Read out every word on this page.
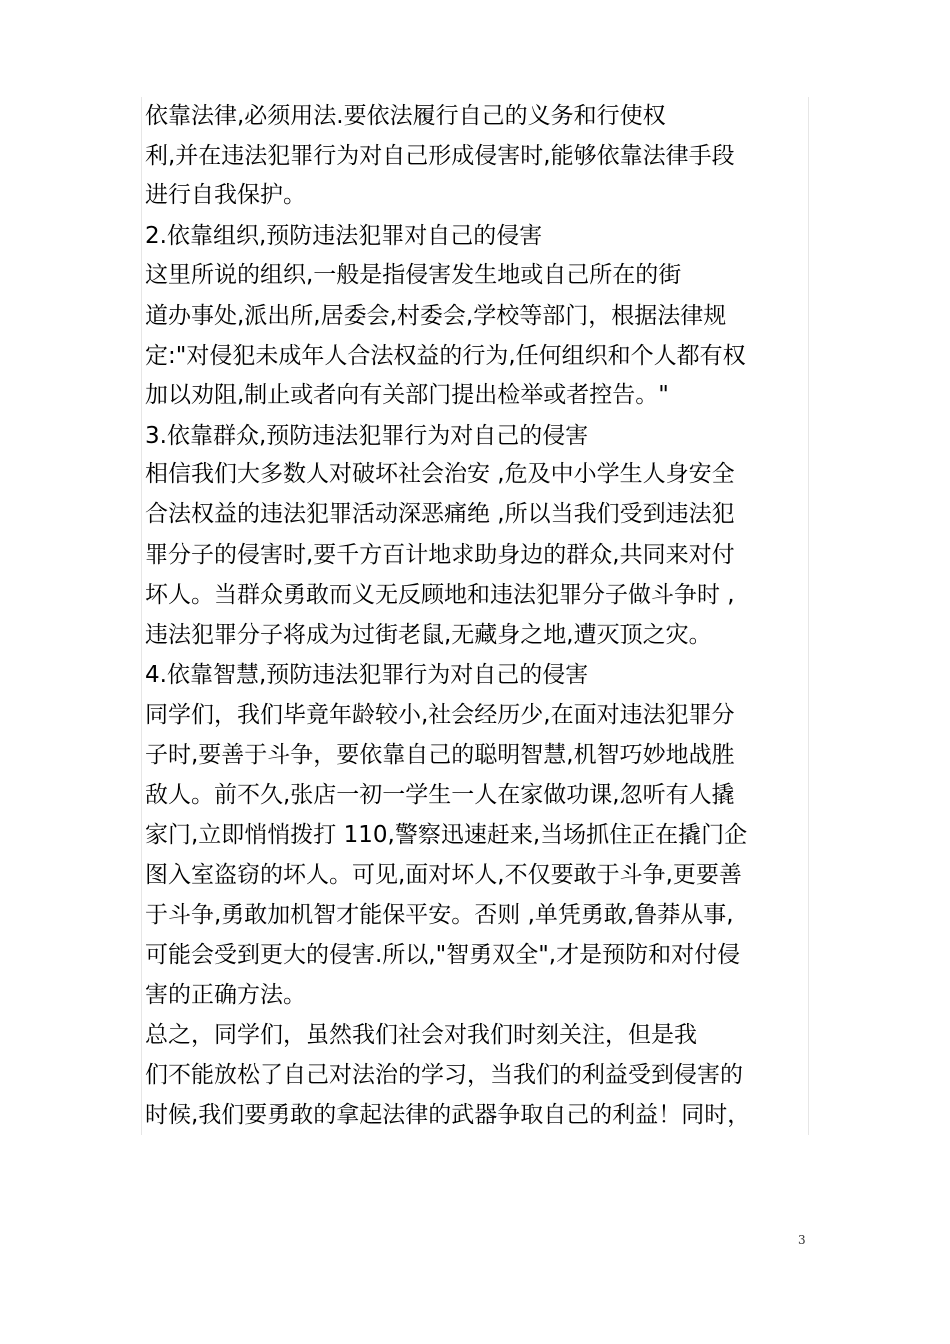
依靠法律,必须用法.要依法履行自己的义务和行使权
利,并在违法犯罪行为对自己形成侵害时,能够依靠法律手段
进行自我保护。
2.依靠组织,预防违法犯罪对自己的侵害
这里所说的组织,一般是指侵害发生地或自己所在的街
道办事处,派出所,居委会,村委会,学校等部门，根据法律规
定:"对侵犯未成年人合法权益的行为,任何组织和个人都有权
加以劝阻,制止或者向有关部门提出检举或者控告。"
3.依靠群众,预防违法犯罪行为对自己的侵害
相信我们大多数人对破坏社会治安 ,危及中小学生人身安全
合法权益的违法犯罪活动深恶痛绝 ,所以当我们受到违法犯
罪分子的侵害时,要千方百计地求助身边的群众,共同来对付
坏人。当群众勇敢而义无反顾地和违法犯罪分子做斗争时 ,
违法犯罪分子将成为过街老鼠,无藏身之地,遭灭顶之灾。
4.依靠智慧,预防违法犯罪行为对自己的侵害
同学们，我们毕竟年龄较小,社会经历少,在面对违法犯罪分
子时,要善于斗争，要依靠自己的聪明智慧,机智巧妙地战胜
敌人。前不久,张店一初一学生一人在家做功课,忽听有人撬
家门,立即悄悄拨打 110,警察迅速赶来,当场抓住正在撬门企
图入室盗窃的坏人。可见,面对坏人,不仅要敢于斗争,更要善
于斗争,勇敢加机智才能保平安。否则 ,单凭勇敢,鲁莽从事,
可能会受到更大的侵害.所以,"智勇双全",才是预防和对付侵
害的正确方法。
总之，同学们，虽然我们社会对我们时刻关注，但是我
们不能放松了自己对法治的学习，当我们的利益受到侵害的
时候,我们要勇敢的拿起法律的武器争取自己的利益！同时，
3
